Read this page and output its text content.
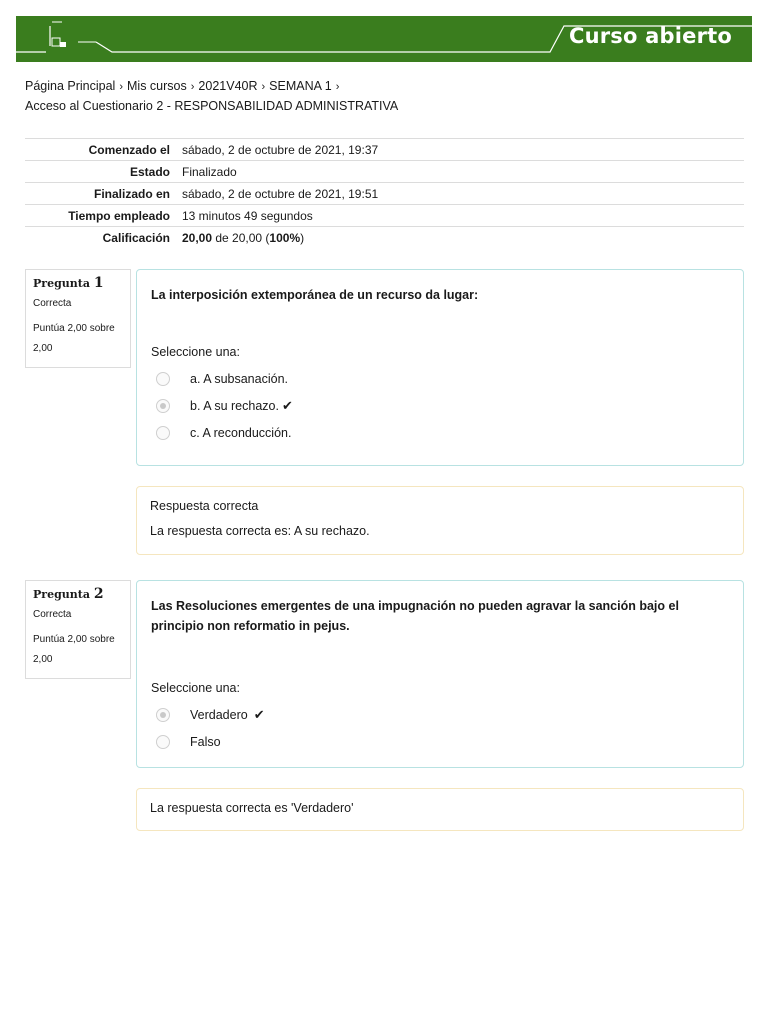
Curso abierto
Página Principal › Mis cursos › 2021V40R › SEMANA 1 ›
Acceso al Cuestionario 2 - RESPONSABILIDAD ADMINISTRATIVA
Comenzado el	sábado, 2 de octubre de 2021, 19:37
Estado	Finalizado
Finalizado en	sábado, 2 de octubre de 2021, 19:51
Tiempo empleado	13 minutos 49 segundos
Calificación	20,00 de 20,00 (100%)
Pregunta 1
Correcta
Puntúa 2,00 sobre 2,00
La interposición extemporánea de un recurso da lugar:
Seleccione una:
a. A subsanación.
b. A su rechazo. ✔
c. A reconducción.
Respuesta correcta
La respuesta correcta es: A su rechazo.
Pregunta 2
Correcta
Puntúa 2,00 sobre 2,00
Las Resoluciones emergentes de una impugnación no pueden agravar la sanción bajo el principio non reformatio in pejus.
Seleccione una:
Verdadero ✔
Falso
La respuesta correcta es 'Verdadero'
